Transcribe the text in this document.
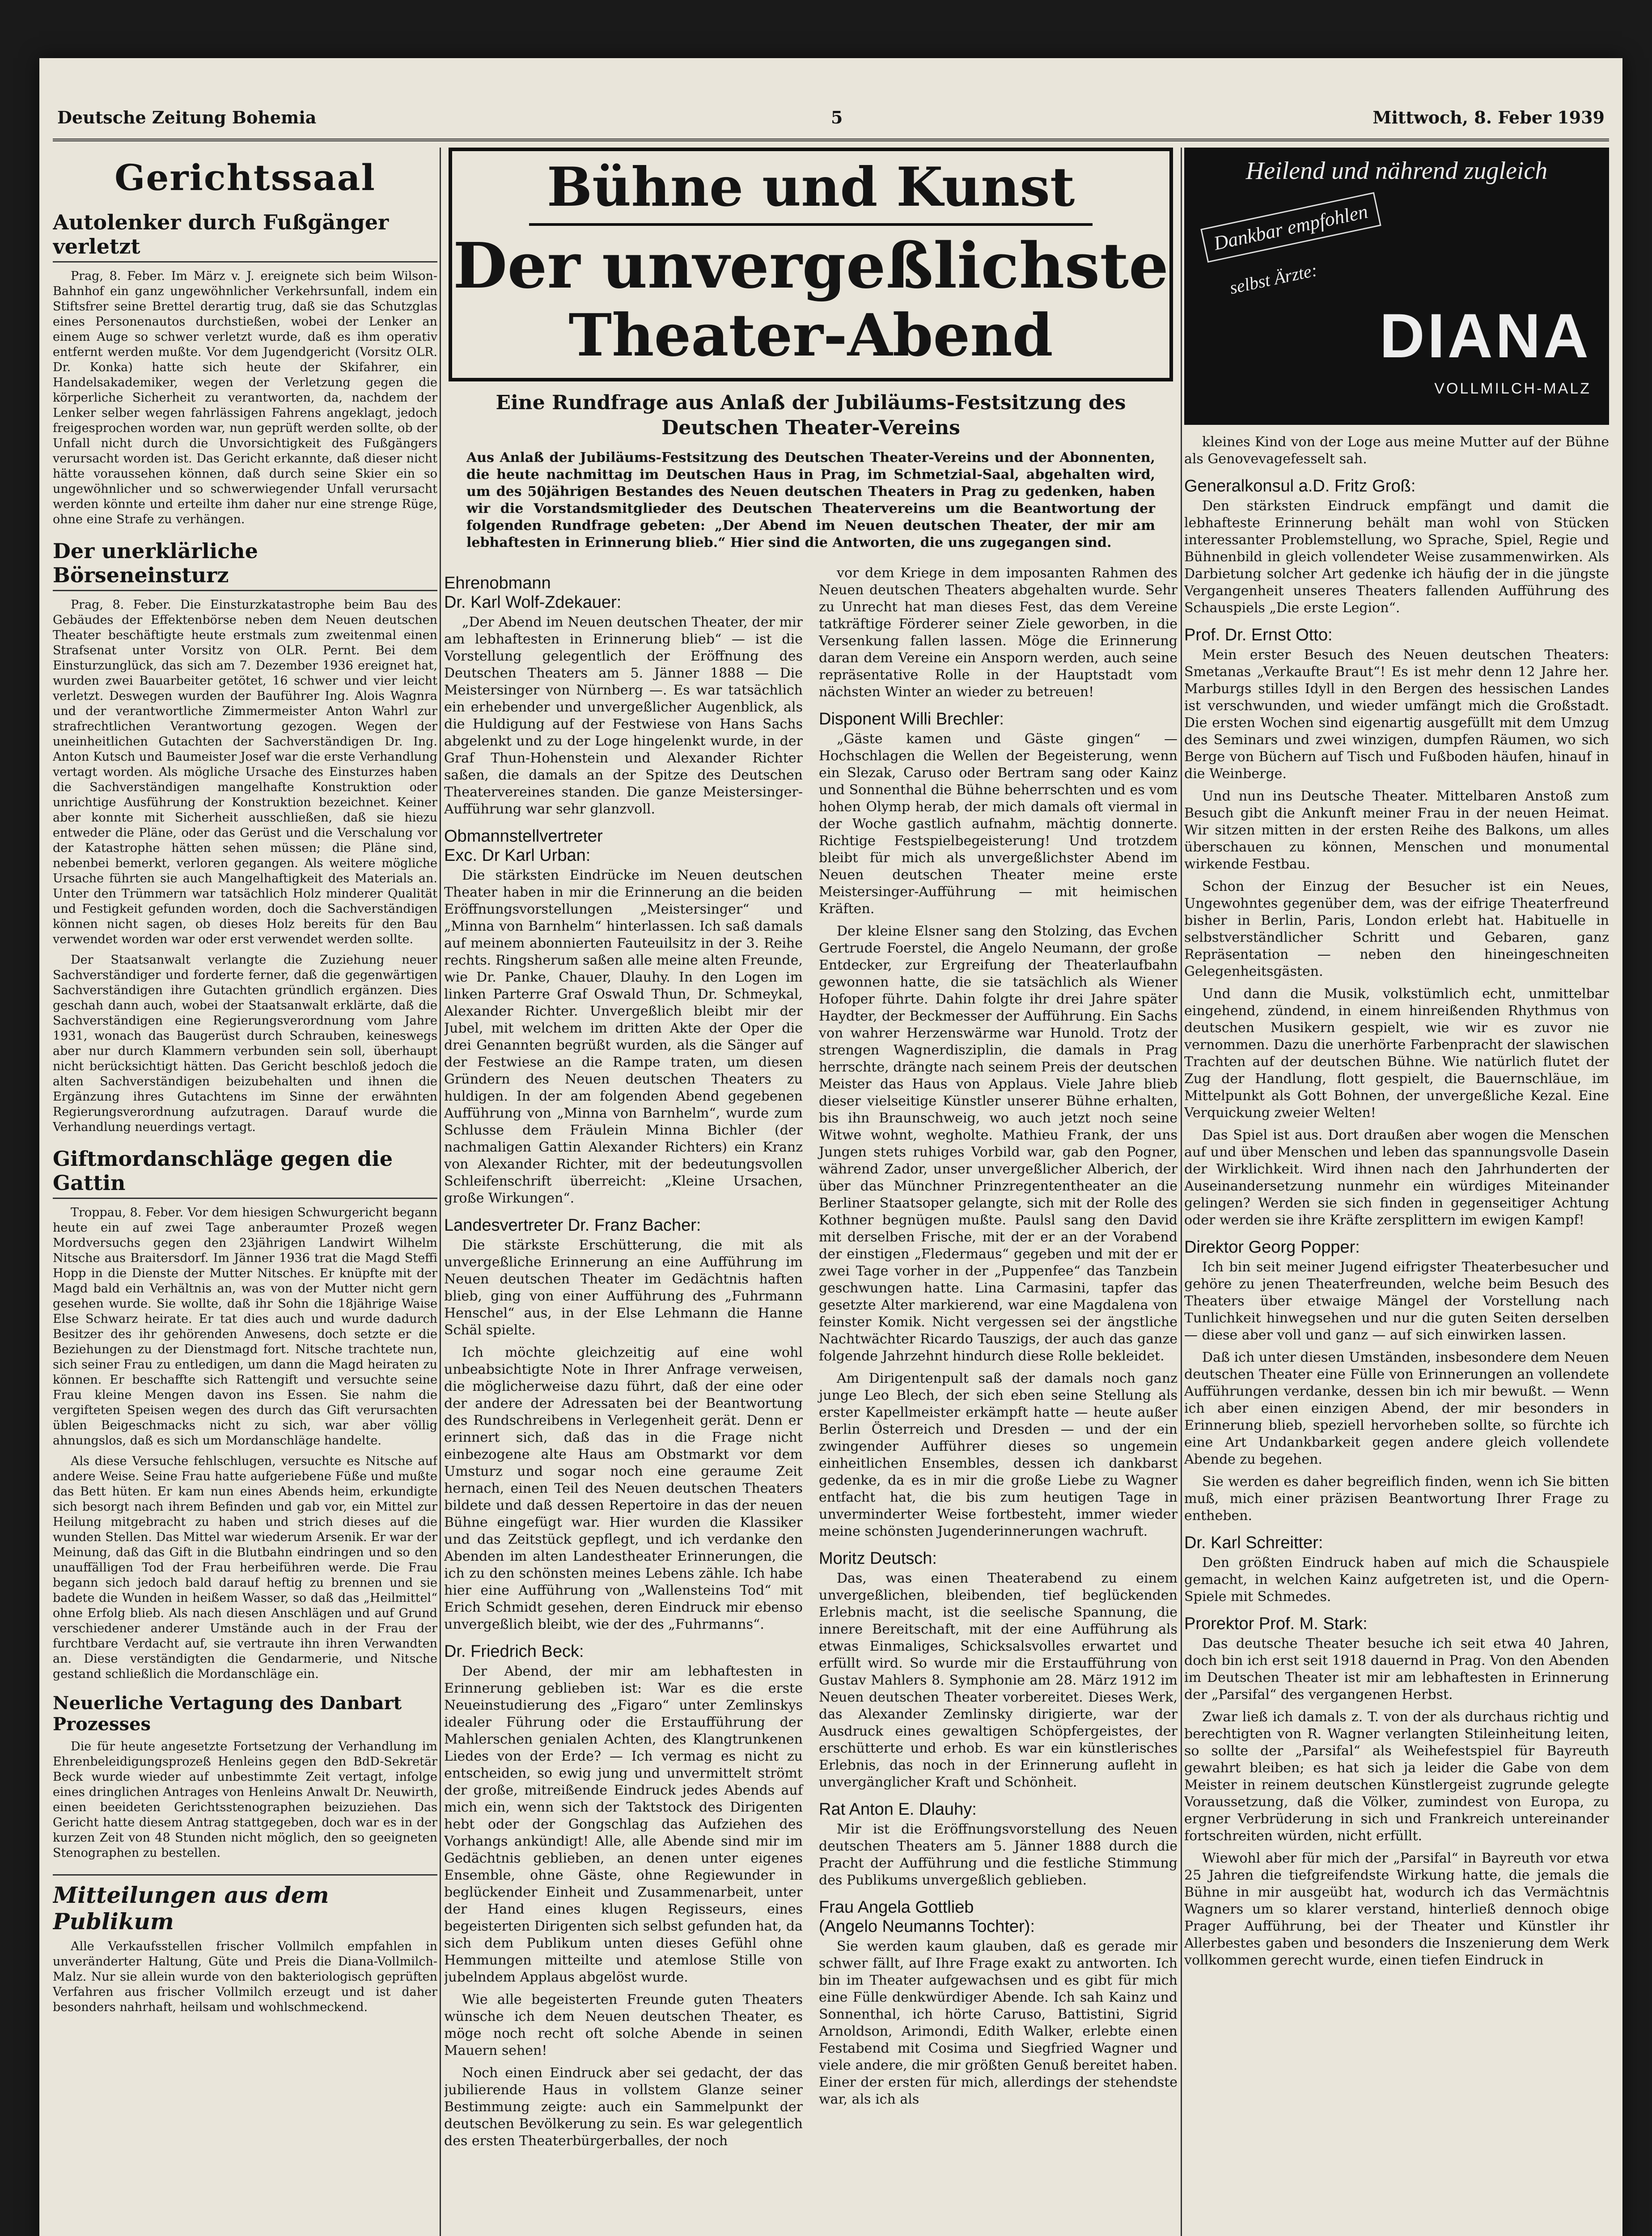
Deutsche Zeitung Bohemia	5	Mittwoch, 8. Feber 1939
Gerichtssaal
Autolenker durch Fußgänger verletzt

Prag, 8. Feber. Im März v. J. ereignete sich beim Wilson-Bahnhof ein ganz ungewöhnlicher Verkehrsunfall, indem ein Stiftsfrer seine Brettel derartig trug, daß sie das Schutzglas eines Personenautos durchstießen, wobei der Lenker an einem Auge so schwer verletzt wurde, daß es ihm operativ entfernt werden mußte. Vor dem Jugendgericht (Vorsitz OLR. Dr. Konka) hatte sich heute der Skifahrer, ein Handelsakademiker, wegen der Verletzung gegen die körperliche Sicherheit zu verantworten, da, nachdem der Lenker selber wegen fahrlässigen Fahrens angeklagt, jedoch freigesprochen worden war, nun geprüft werden sollte, ob der Unfall nicht durch die Unvorsichtigkeit des Fußgängers verursacht worden ist. Das Gericht erkannte, daß dieser nicht hätte voraussehen können, daß durch seine Skier ein so ungewöhnlicher und so schwerwiegender Unfall verursacht werden könnte und erteilte ihm daher nur eine strenge Rüge, ohne eine Strafe zu verhängen.

Der unerklärliche Börseneinsturz

Prag, 8. Feber. Die Einsturzkatastrophe beim Bau des Gebäudes der Effektenbörse neben dem Neuen deutschen Theater beschäftigte heute erstmals zum zweitenmal einen Strafsenat unter Vorsitz von OLR. Pernt. Bei dem Einsturzunglück, das sich am 7. Dezember 1936 ereignet hat, wurden zwei Bauarbeiter getötet, 16 schwer und vier leicht verletzt. Deswegen wurden der Bauführer Ing. Alois Wagnra und der verantwortliche Zimmermeister Anton Wahrl zur strafrechtlichen Verantwortung gezogen. Wegen der uneinheitlichen Gutachten der Sachverständigen Dr. Ing. Anton Kutsch und Baumeister Josef war die erste Verhandlung vertagt worden. Als mögliche Ursache des Einsturzes haben die Sachverständigen mangelhafte Konstruktion oder unrichtige Ausführung der Konstruktion bezeichnet. Keiner aber konnte mit Sicherheit ausschließen, daß sie hiezu entweder die Pläne, oder das Gerüst und die Verschalung vor der Katastrophe hätten sehen müssen; die Pläne sind, nebenbei bemerkt, verloren gegangen. Als weitere mögliche Ursache führten sie auch Mangelhaftigkeit des Materials an. Unter den Trümmern war tatsächlich Holz minderer Qualität und Festigkeit gefunden worden, doch die Sachverständigen können nicht sagen, ob dieses Holz bereits für den Bau verwendet worden war oder erst verwendet werden sollte.

Der Staatsanwalt verlangte die Zuziehung neuer Sachverständiger und forderte ferner, daß die gegenwärtigen Sachverständigen ihre Gutachten gründlich ergänzen. Dies geschah dann auch, wobei der Staatsanwalt erklärte, daß die Sachverständigen eine Regierungsverordnung vom Jahre 1931, wonach das Baugerüst durch Schrauben, keineswegs aber nur durch Klammern verbunden sein soll, überhaupt nicht berücksichtigt hätten. Das Gericht beschloß jedoch die alten Sachverständigen beizubehalten und ihnen die Ergänzung ihres Gutachtens im Sinne der erwähnten Regierungsverordnung aufzutragen. Darauf wurde die Verhandlung neuerdings vertagt.

Giftmordanschläge gegen die Gattin

Troppau, 8. Feber. Vor dem hiesigen Schwurgericht begann heute ein auf zwei Tage anberaumter Prozeß wegen Mordversuchs gegen den 23jährigen Landwirt Wilhelm Nitsche aus Braitersdorf. Im Jänner 1936 trat die Magd Steffi Hopp in die Dienste der Mutter Nitsches. Er knüpfte mit der Magd bald ein Verhältnis an, was von der Mutter nicht gern gesehen wurde. Sie wollte, daß ihr Sohn die 18jährige Waise Else Schwarz heirate. Er tat dies auch und wurde dadurch Besitzer des ihr gehörenden Anwesens, doch setzte er die Beziehungen zu der Dienstmagd fort. Nitsche trachtete nun, sich seiner Frau zu entledigen, um dann die Magd heiraten zu können. Er beschaffte sich Rattengift und versuchte seine Frau kleine Mengen davon ins Essen. Sie nahm die vergifteten Speisen wegen des durch das Gift verursachten üblen Beigeschmacks nicht zu sich, war aber völlig ahnungslos, daß es sich um Mordanschläge handelte.

Als diese Versuche fehlschlugen, versuchte es Nitsche auf andere Weise. Seine Frau hatte aufgeriebene Füße und mußte das Bett hüten. Er kam nun eines Abends heim, erkundigte sich besorgt nach ihrem Befinden und gab vor, ein Mittel zur Heilung mitgebracht zu haben und strich dieses auf die wunden Stellen. Das Mittel war wiederum Arsenik. Er war der Meinung, daß das Gift in die Blutbahn eindringen und so den unauffälligen Tod der Frau herbeiführen werde. Die Frau begann sich jedoch bald darauf heftig zu brennen und sie badete die Wunden in heißem Wasser, so daß das „Heilmittel“ ohne Erfolg blieb. Als nach diesen Anschlägen und auf Grund verschiedener anderer Umstände auch in der Frau der furchtbare Verdacht auf, sie vertraute ihn ihren Verwandten an. Diese verständigten die Gendarmerie, und Nitsche gestand schließlich die Mordanschläge ein.

Neuerliche Vertagung des Danbart Prozesses

Die für heute angesetzte Fortsetzung der Verhandlung im Ehrenbeleidigungsprozeß Henleins gegen den BdD-Sekretär Beck wurde wieder auf unbestimmte Zeit vertagt, infolge eines dringlichen Antrages von Henleins Anwalt Dr. Neuwirth, einen beeideten Gerichtsstenographen beizuziehen. Das Gericht hatte diesem Antrag stattgegeben, doch war es in der kurzen Zeit von 48 Stunden nicht möglich, den so geeigneten Stenographen zu bestellen.

Mitteilungen aus dem Publikum

Alle Verkaufsstellen frischer Vollmilch empfahlen in unveränderter Haltung, Güte und Preis die Diana-Vollmilch-Malz. Nur sie allein wurde von den bakteriologisch geprüften Verfahren aus frischer Vollmilch erzeugt und ist daher besonders nahrhaft, heilsam und wohlschmeckend.

Bühne und Kunst
Der unvergeßlichste
Theater-Abend
Eine Rundfrage aus Anlaß der Jubiläums-Festsitzung des Deutschen Theater-Vereins
Aus Anlaß der Jubiläums-Festsitzung des Deutschen Theater-Vereins und der Abonnenten, die heute nachmittag im Deutschen Haus in Prag, im Schmetzial-Saal, abgehalten wird, um des 50jährigen Bestandes des Neuen deutschen Theaters in Prag zu gedenken, haben wir die Vorstandsmitglieder des Deutschen Theatervereins um die Beantwortung der folgenden Rundfrage gebeten: „Der Abend im Neuen deutschen Theater, der mir am lebhaftesten in Erinnerung blieb.“ Hier sind die Antworten, die uns zugegangen sind.
Ehrenobmann
Dr. Karl Wolf-Zdekauer:

„Der Abend im Neuen deutschen Theater, der mir am lebhaftesten in Erinnerung blieb“ — ist die Vorstellung gelegentlich der Eröffnung des Deutschen Theaters am 5. Jänner 1888 — Die Meistersinger von Nürnberg —. Es war tatsächlich ein erhebender und unvergeßlicher Augenblick, als die Huldigung auf der Festwiese von Hans Sachs abgelenkt und zu der Loge hingelenkt wurde, in der Graf Thun-Hohenstein und Alexander Richter saßen, die damals an der Spitze des Deutschen Theatervereines standen. Die ganze Meistersinger-Aufführung war sehr glanzvoll.

Obmannstellvertreter
Exc. Dr Karl Urban:

Die stärksten Eindrücke im Neuen deutschen Theater haben in mir die Erinnerung an die beiden Eröffnungsvorstellungen „Meistersinger“ und „Minna von Barnhelm“ hinterlassen. Ich saß damals auf meinem abonnierten Fauteuilsitz in der 3. Reihe rechts. Ringsherum saßen alle meine alten Freunde, wie Dr. Panke, Chauer, Dlauhy. In den Logen im linken Parterre Graf Oswald Thun, Dr. Schmeykal, Alexander Richter. Unvergeßlich bleibt mir der Jubel, mit welchem im dritten Akte der Oper die drei Genannten begrüßt wurden, als die Sänger auf der Festwiese an die Rampe traten, um diesen Gründern des Neuen deutschen Theaters zu huldigen. In der am folgenden Abend gegebenen Aufführung von „Minna von Barnhelm“, wurde zum Schlusse dem Fräulein Minna Bichler (der nachmaligen Gattin Alexander Richters) ein Kranz von Alexander Richter, mit der bedeutungsvollen Schleifenschrift überreicht: „Kleine Ursachen, große Wirkungen“.

Landesvertreter Dr. Franz Bacher:

Die stärkste Erschütterung, die mit als unvergeßliche Erinnerung an eine Aufführung im Neuen deutschen Theater im Gedächtnis haften blieb, ging von einer Aufführung des „Fuhrmann Henschel“ aus, in der Else Lehmann die Hanne Schäl spielte.

Ich möchte gleichzeitig auf eine wohl unbeabsichtigte Note in Ihrer Anfrage verweisen, die möglicherweise dazu führt, daß der eine oder der andere der Adressaten bei der Beantwortung des Rundschreibens in Verlegenheit gerät. Denn er erinnert sich, daß das in die Frage nicht einbezogene alte Haus am Obstmarkt vor dem Umsturz und sogar noch eine geraume Zeit hernach, einen Teil des Neuen deutschen Theaters bildete und daß dessen Repertoire in das der neuen Bühne eingefügt war. Hier wurden die Klassiker und das Zeitstück gepflegt, und ich verdanke den Abenden im alten Landestheater Erinnerungen, die ich zu den schönsten meines Lebens zähle. Ich habe hier eine Aufführung von „Wallensteins Tod“ mit Erich Schmidt gesehen, deren Eindruck mir ebenso unvergeßlich bleibt, wie der des „Fuhrmanns“.

Dr. Friedrich Beck:

Der Abend, der mir am lebhaftesten in Erinnerung geblieben ist: War es die erste Neueinstudierung des „Figaro“ unter Zemlinskys idealer Führung oder die Erstaufführung der Mahlerschen genialen Achten, des Klangtrunkenen Liedes von der Erde? — Ich vermag es nicht zu entscheiden, so ewig jung und unvermittelt strömt der große, mitreißende Eindruck jedes Abends auf mich ein, wenn sich der Taktstock des Dirigenten hebt oder der Gongschlag das Aufziehen des Vorhangs ankündigt! Alle, alle Abende sind mir im Gedächtnis geblieben, an denen unter eigenes Ensemble, ohne Gäste, ohne Regiewunder in beglückender Einheit und Zusammenarbeit, unter der Hand eines klugen Regisseurs, eines begeisterten Dirigenten sich selbst gefunden hat, da sich dem Publikum unten dieses Gefühl ohne Hemmungen mitteilte und atemlose Stille von jubelndem Applaus abgelöst wurde.

Wie alle begeisterten Freunde guten Theaters wünsche ich dem Neuen deutschen Theater, es möge noch recht oft solche Abende in seinen Mauern sehen!

Noch einen Eindruck aber sei gedacht, der das jubilierende Haus in vollstem Glanze seiner Bestimmung zeigte: auch ein Sammelpunkt der deutschen Bevölkerung zu sein. Es war gelegentlich des ersten Theaterbürgerballes, der noch

vor dem Kriege in dem imposanten Rahmen des Neuen deutschen Theaters abgehalten wurde. Sehr zu Unrecht hat man dieses Fest, das dem Vereine tatkräftige Förderer seiner Ziele geworben, in die Versenkung fallen lassen. Möge die Erinnerung daran dem Vereine ein Ansporn werden, auch seine repräsentative Rolle in der Hauptstadt vom nächsten Winter an wieder zu betreuen!

Disponent Willi Brechler:

„Gäste kamen und Gäste gingen“ — Hochschlagen die Wellen der Begeisterung, wenn ein Slezak, Caruso oder Bertram sang oder Kainz und Sonnenthal die Bühne beherrschten und es vom hohen Olymp herab, der mich damals oft viermal in der Woche gastlich aufnahm, mächtig donnerte. Richtige Festspielbegeisterung! Und trotzdem bleibt für mich als unvergeßlichster Abend im Neuen deutschen Theater meine erste Meistersinger-Aufführung — mit heimischen Kräften.

Der kleine Elsner sang den Stolzing, das Evchen Gertrude Foerstel, die Angelo Neumann, der große Entdecker, zur Ergreifung der Theaterlaufbahn gewonnen hatte, die sie tatsächlich als Wiener Hofoper führte. Dahin folgte ihr drei Jahre später Haydter, der Beckmesser der Aufführung. Ein Sachs von wahrer Herzenswärme war Hunold. Trotz der strengen Wagnerdisziplin, die damals in Prag herrschte, drängte nach seinem Preis der deutschen Meister das Haus von Applaus. Viele Jahre blieb dieser vielseitige Künstler unserer Bühne erhalten, bis ihn Braunschweig, wo auch jetzt noch seine Witwe wohnt, wegholte. Mathieu Frank, der uns Jungen stets ruhiges Vorbild war, gab den Pogner, während Zador, unser unvergeßlicher Alberich, der über das Münchner Prinzregententheater an die Berliner Staatsoper gelangte, sich mit der Rolle des Kothner begnügen mußte. Paulsl sang den David mit derselben Frische, mit der er an der Vorabend der einstigen „Fledermaus“ gegeben und mit der er zwei Tage vorher in der „Puppenfee“ das Tanzbein geschwungen hatte. Lina Carmasini, tapfer das gesetzte Alter markierend, war eine Magdalena von feinster Komik. Nicht vergessen sei der ängstliche Nachtwächter Ricardo Tauszigs, der auch das ganze folgende Jahrzehnt hindurch diese Rolle bekleidet.

Am Dirigentenpult saß der damals noch ganz junge Leo Blech, der sich eben seine Stellung als erster Kapellmeister erkämpft hatte — heute außer Berlin Österreich und Dresden — und der ein zwingender Aufführer dieses so ungemein einheitlichen Ensembles, dessen ich dankbarst gedenke, da es in mir die große Liebe zu Wagner entfacht hat, die bis zum heutigen Tage in unverminderter Weise fortbesteht, immer wieder meine schönsten Jugenderinnerungen wachruft.

Moritz Deutsch:

Das, was einen Theaterabend zu einem unvergeßlichen, bleibenden, tief beglückenden Erlebnis macht, ist die seelische Spannung, die innere Bereitschaft, mit der eine Aufführung als etwas Einmaliges, Schicksalsvolles erwartet und erfüllt wird. So wurde mir die Erstaufführung von Gustav Mahlers 8. Symphonie am 28. März 1912 im Neuen deutschen Theater vorbereitet. Dieses Werk, das Alexander Zemlinsky dirigierte, war der Ausdruck eines gewaltigen Schöpfergeistes, der erschütterte und erhob. Es war ein künstlerisches Erlebnis, das noch in der Erinnerung aufleht in unvergänglicher Kraft und Schönheit.

Rat Anton E. Dlauhy:

Mir ist die Eröffnungsvorstellung des Neuen deutschen Theaters am 5. Jänner 1888 durch die Pracht der Aufführung und die festliche Stimmung des Publikums unvergeßlich geblieben.

Frau Angela Gottlieb
(Angelo Neumanns Tochter):

Sie werden kaum glauben, daß es gerade mir schwer fällt, auf Ihre Frage exakt zu antworten. Ich bin im Theater aufgewachsen und es gibt für mich eine Fülle denkwürdiger Abende. Ich sah Kainz und Sonnenthal, ich hörte Caruso, Battistini, Sigrid Arnoldson, Arimondi, Edith Walker, erlebte einen Festabend mit Cosima und Siegfried Wagner und viele andere, die mir größten Genuß bereitet haben. Einer der ersten für mich, allerdings der stehendste war, als ich als

Heilend und nährend zugleich
Dankbar empfohlen
selbst Ärzte:
DIANA
VOLLMILCH-MALZ

kleines Kind von der Loge aus meine Mutter auf der Bühne als Genovevagefesselt sah.

Generalkonsul a.D. Fritz Groß:

Den stärksten Eindruck empfängt und damit die lebhafteste Erinnerung behält man wohl von Stücken interessanter Problemstellung, wo Sprache, Spiel, Regie und Bühnenbild in gleich vollendeter Weise zusammenwirken. Als Darbietung solcher Art gedenke ich häufig der in die jüngste Vergangenheit unseres Theaters fallenden Aufführung des Schauspiels „Die erste Legion“.

Prof. Dr. Ernst Otto:

Mein erster Besuch des Neuen deutschen Theaters: Smetanas „Verkaufte Braut“! Es ist mehr denn 12 Jahre her. Marburgs stilles Idyll in den Bergen des hessischen Landes ist verschwunden, und wieder umfängt mich die Großstadt. Die ersten Wochen sind eigenartig ausgefüllt mit dem Umzug des Seminars und zwei winzigen, dumpfen Räumen, wo sich Berge von Büchern auf Tisch und Fußboden häufen, hinauf in die Weinberge.

Und nun ins Deutsche Theater. Mittelbaren Anstoß zum Besuch gibt die Ankunft meiner Frau in der neuen Heimat. Wir sitzen mitten in der ersten Reihe des Balkons, um alles überschauen zu können, Menschen und monumental wirkende Festbau.

Schon der Einzug der Besucher ist ein Neues, Ungewohntes gegenüber dem, was der eifrige Theaterfreund bisher in Berlin, Paris, London erlebt hat. Habituelle in selbstverständlicher Schritt und Gebaren, ganz Repräsentation — neben den hineingeschneiten Gelegenheitsgästen.

Und dann die Musik, volkstümlich echt, unmittelbar eingehend, zündend, in einem hinreißenden Rhythmus von deutschen Musikern gespielt, wie wir es zuvor nie vernommen. Dazu die unerhörte Farbenpracht der slawischen Trachten auf der deutschen Bühne. Wie natürlich flutet der Zug der Handlung, flott gespielt, die Bauernschläue, im Mittelpunkt als Gott Bohnen, der unvergeßliche Kezal. Eine Verquickung zweier Welten!

Das Spiel ist aus. Dort draußen aber wogen die Menschen auf und über Menschen und leben das spannungsvolle Dasein der Wirklichkeit. Wird ihnen nach den Jahrhunderten der Auseinandersetzung nunmehr ein würdiges Miteinander gelingen? Werden sie sich finden in gegenseitiger Achtung oder werden sie ihre Kräfte zersplittern im ewigen Kampf!

Direktor Georg Popper:

Ich bin seit meiner Jugend eifrigster Theaterbesucher und gehöre zu jenen Theaterfreunden, welche beim Besuch des Theaters über etwaige Mängel der Vorstellung nach Tunlichkeit hinwegsehen und nur die guten Seiten derselben — diese aber voll und ganz — auf sich einwirken lassen.

Daß ich unter diesen Umständen, insbesondere dem Neuen deutschen Theater eine Fülle von Erinnerungen an vollendete Aufführungen verdanke, dessen bin ich mir bewußt. — Wenn ich aber einen einzigen Abend, der mir besonders in Erinnerung blieb, speziell hervorheben sollte, so fürchte ich eine Art Undankbarkeit gegen andere gleich vollendete Abende zu begehen.

Sie werden es daher begreiflich finden, wenn ich Sie bitten muß, mich einer präzisen Beantwortung Ihrer Frage zu entheben.

Dr. Karl Schreitter:

Den größten Eindruck haben auf mich die Schauspiele gemacht, in welchen Kainz aufgetreten ist, und die Opern-Spiele mit Schmedes.

Prorektor Prof. M. Stark:

Das deutsche Theater besuche ich seit etwa 40 Jahren, doch bin ich erst seit 1918 dauernd in Prag. Von den Abenden im Deutschen Theater ist mir am lebhaftesten in Erinnerung der „Parsifal“ des vergangenen Herbst.

Zwar ließ ich damals z. T. von der als durchaus richtig und berechtigten von R. Wagner verlangten Stileinheitung leiten, so sollte der „Parsifal“ als Weihefestspiel für Bayreuth gewahrt bleiben; es hat sich ja leider die Gabe von dem Meister in reinem deutschen Künstlergeist zugrunde gelegte Voraussetzung, daß die Völker, zumindest von Europa, zu ergner Verbrüderung in sich und Frankreich untereinander fortschreiten würden, nicht erfüllt.

Wiewohl aber für mich der „Parsifal“ in Bayreuth vor etwa 25 Jahren die tiefgreifendste Wirkung hatte, die jemals die Bühne in mir ausgeübt hat, wodurch ich das Vermächtnis Wagners um so klarer verstand, hinterließ dennoch obige Prager Aufführung, bei der Theater und Künstler ihr Allerbestes gaben und besonders die Inszenierung dem Werk vollkommen gerecht wurde, einen tiefen Eindruck in
